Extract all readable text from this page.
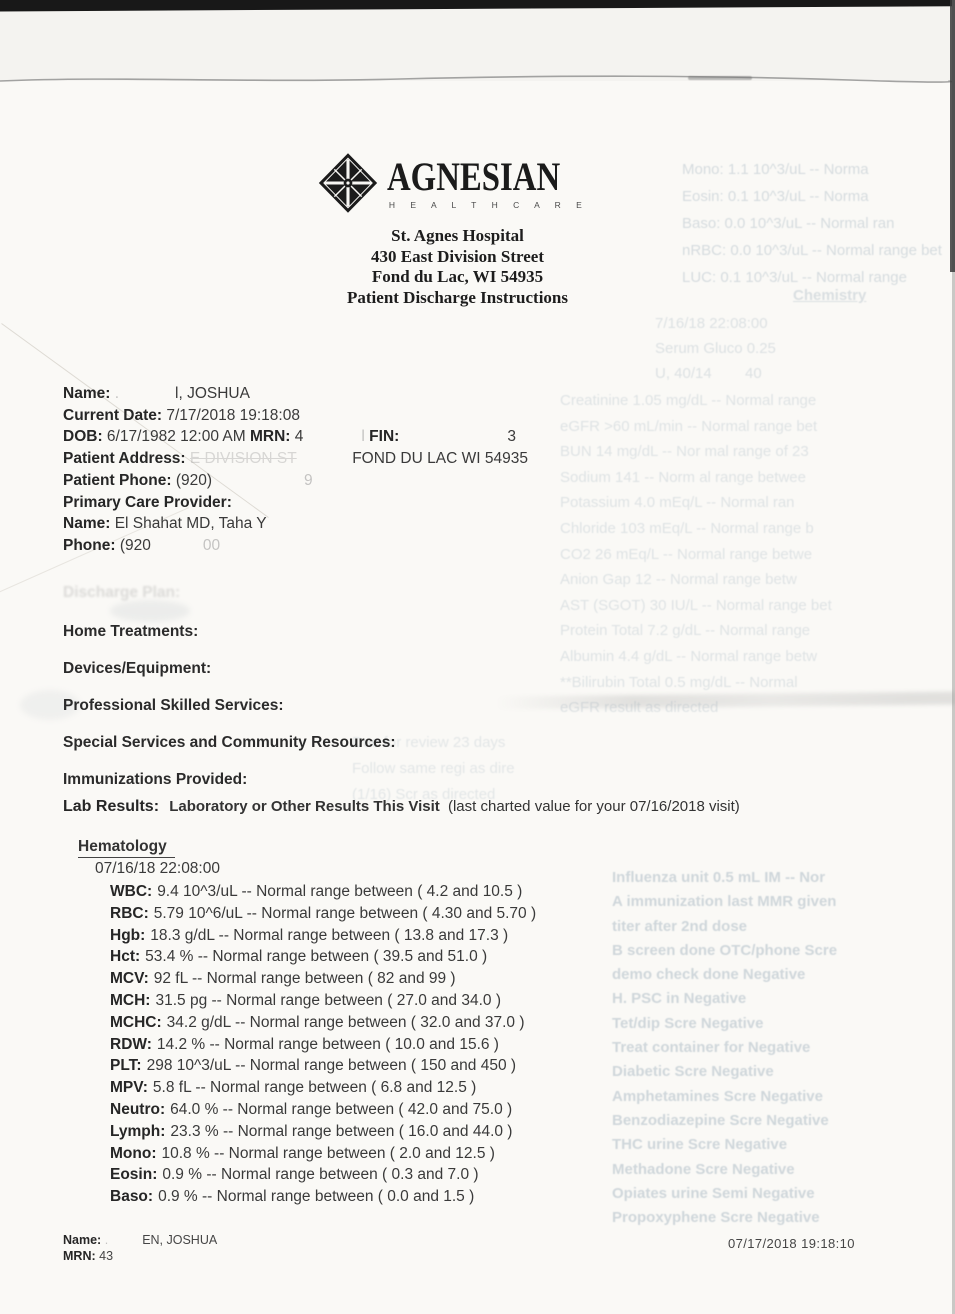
Mono: 1.1 10^3/uL -- Norma
Eosin: 0.1 10^3/uL -- Norma
Baso: 0.0 10^3/uL -- Normal ran
nRBC: 0.0 10^3/uL -- Normal range bet
LUC: 0.1 10^3/uL -- Normal range
Chemistry
7/16/18 22:08:00
Serum Gluco 0.25
U, 40/14        40
Creatinine 1.05 mg/dL -- Normal range
eGFR >60 mL/min -- Normal range bet
BUN 14 mg/dL -- Nor mal range of 23
Sodium 141 -- Norm al range betwee
Potassium 4.0 mEq/L -- Normal ran
Chloride 103 mEq/L -- Normal range b
CO2 26 mEq/L -- Normal range betwe
Anion Gap 12 -- Normal range betw
AST (SGOT) 30 IU/L -- Normal range bet
Protein Total 7.2 g/dL -- Normal range
Albumin 4.4 g/dL -- Normal range betw
**Bilirubin Total 0.5 mg/dL -- Normal
eGFR result as directed
Due for review 23 days
Follow same regi as dire
(1/16) Scr as directed
Influenza unit 0.5 mL IM -- Nor
A immunization last MMR given
titer after 2nd dose
B screen done OTC/phone Scre
demo check done Negative
H. PSC in Negative
Tet/dip Scre Negative
Treat container for Negative
Diabetic Scre Negative
Amphetamines Scre Negative
Benzodiazepine Scre Negative
THC urine Scre Negative
Methadone Scre Negative
Opiates urine Semi Negative
Propoxyphene Scre Negative
AGNESIAN
H E A L T H C A R E
St. Agnes Hospital
430 East Division Street
Fond du Lac, WI 54935
Patient Discharge Instructions
Name: .	l, JOSHUA
Current Date: 7/17/2018 19:18:08
DOB: 6/17/1982 12:00 AM MRN: 4	l FIN:	3
Patient Address: E DIVISION ST	FOND DU LAC WI 54935
Patient Phone: (920)	9
Primary Care Provider:
Name: El Shahat MD, Taha Y
Phone: (920	00
Discharge Plan:
Home Treatments:
Devices/Equipment:
Professional Skilled Services:
Special Services and Community Resources:
Immunizations Provided:
Lab Results: Laboratory or Other Results This Visit (last charted value for your 07/16/2018 visit)
Hematology
07/16/18 22:08:00
WBC: 9.4 10^3/uL -- Normal range between ( 4.2 and 10.5 )
RBC: 5.79 10^6/uL -- Normal range between ( 4.30 and 5.70 )
Hgb: 18.3 g/dL -- Normal range between ( 13.8 and 17.3 )
Hct: 53.4 % -- Normal range between ( 39.5 and 51.0 )
MCV: 92 fL -- Normal range between ( 82 and 99 )
MCH: 31.5 pg -- Normal range between ( 27.0 and 34.0 )
MCHC: 34.2 g/dL -- Normal range between ( 32.0 and 37.0 )
RDW: 14.2 % -- Normal range between ( 10.0 and 15.6 )
PLT: 298 10^3/uL -- Normal range between ( 150 and 450 )
MPV: 5.8 fL -- Normal range between ( 6.8 and 12.5 )
Neutro: 64.0 % -- Normal range between ( 42.0 and 75.0 )
Lymph: 23.3 % -- Normal range between ( 16.0 and 44.0 )
Mono: 10.8 % -- Normal range between ( 2.0 and 12.5 )
Eosin: 0.9 % -- Normal range between ( 0.3 and 7.0 )
Baso: 0.9 % -- Normal range between ( 0.0 and 1.5 )
Name: .	EN, JOSHUA
MRN: 43
07/17/2018 19:18:10
